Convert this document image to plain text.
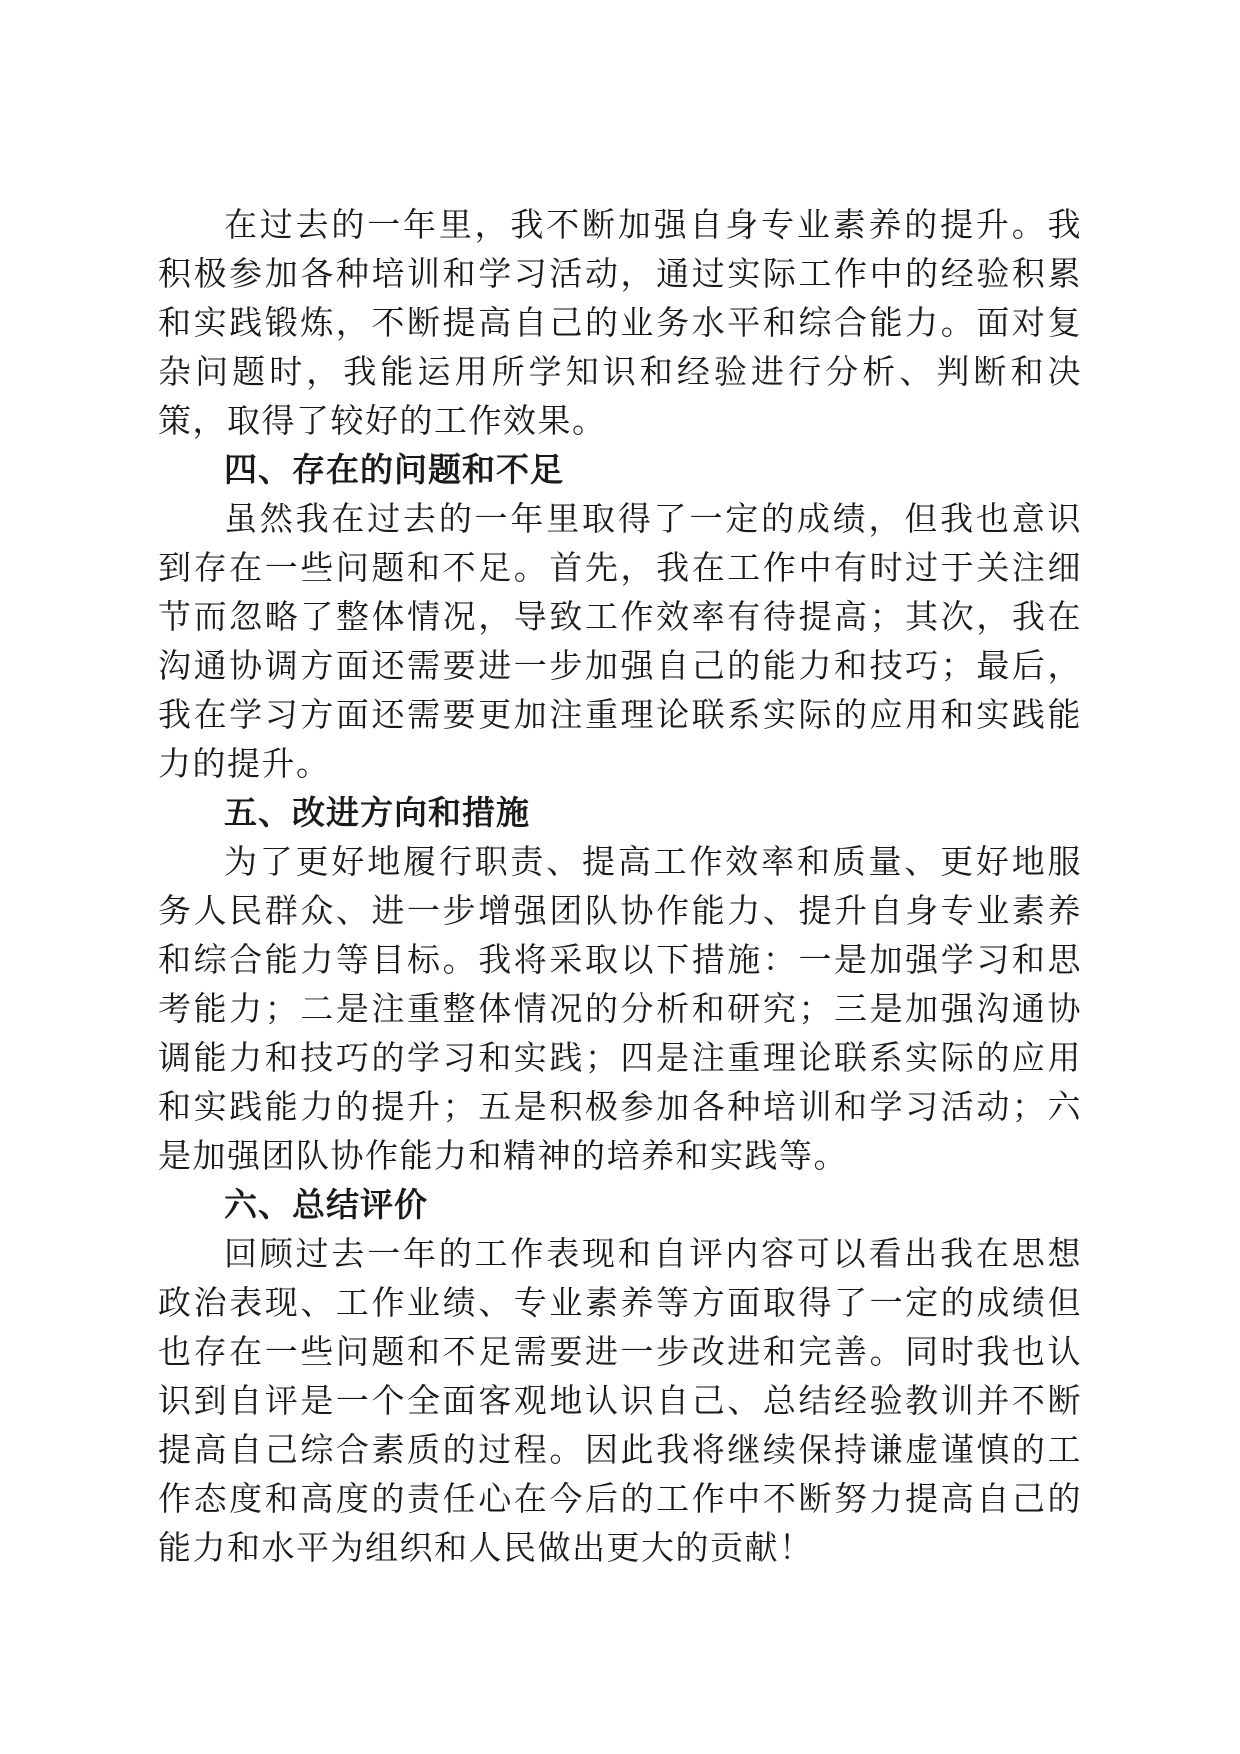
在过去的一年里，我不断加强自身专业素养的提升。我积极参加各种培训和学习活动，通过实际工作中的经验积累和实践锻炼，不断提高自己的业务水平和综合能力。面对复杂问题时，我能运用所学知识和经验进行分析、判断和决策，取得了较好的工作效果。

四、存在的问题和不足

虽然我在过去的一年里取得了一定的成绩，但我也意识到存在一些问题和不足。首先，我在工作中有时过于关注细节而忽略了整体情况，导致工作效率有待提高；其次，我在沟通协调方面还需要进一步加强自己的能力和技巧；最后，我在学习方面还需要更加注重理论联系实际的应用和实践能力的提升。

五、改进方向和措施

为了更好地履行职责、提高工作效率和质量、更好地服务人民群众、进一步增强团队协作能力、提升自身专业素养和综合能力等目标。我将采取以下措施：一是加强学习和思考能力；二是注重整体情况的分析和研究；三是加强沟通协调能力和技巧的学习和实践；四是注重理论联系实际的应用和实践能力的提升；五是积极参加各种培训和学习活动；六是加强团队协作能力和精神的培养和实践等。

六、总结评价

回顾过去一年的工作表现和自评内容可以看出我在思想政治表现、工作业绩、专业素养等方面取得了一定的成绩但也存在一些问题和不足需要进一步改进和完善。同时我也认识到自评是一个全面客观地认识自己、总结经验教训并不断提高自己综合素质的过程。因此我将继续保持谦虚谨慎的工作态度和高度的责任心在今后的工作中不断努力提高自己的能力和水平为组织和人民做出更大的贡献！
